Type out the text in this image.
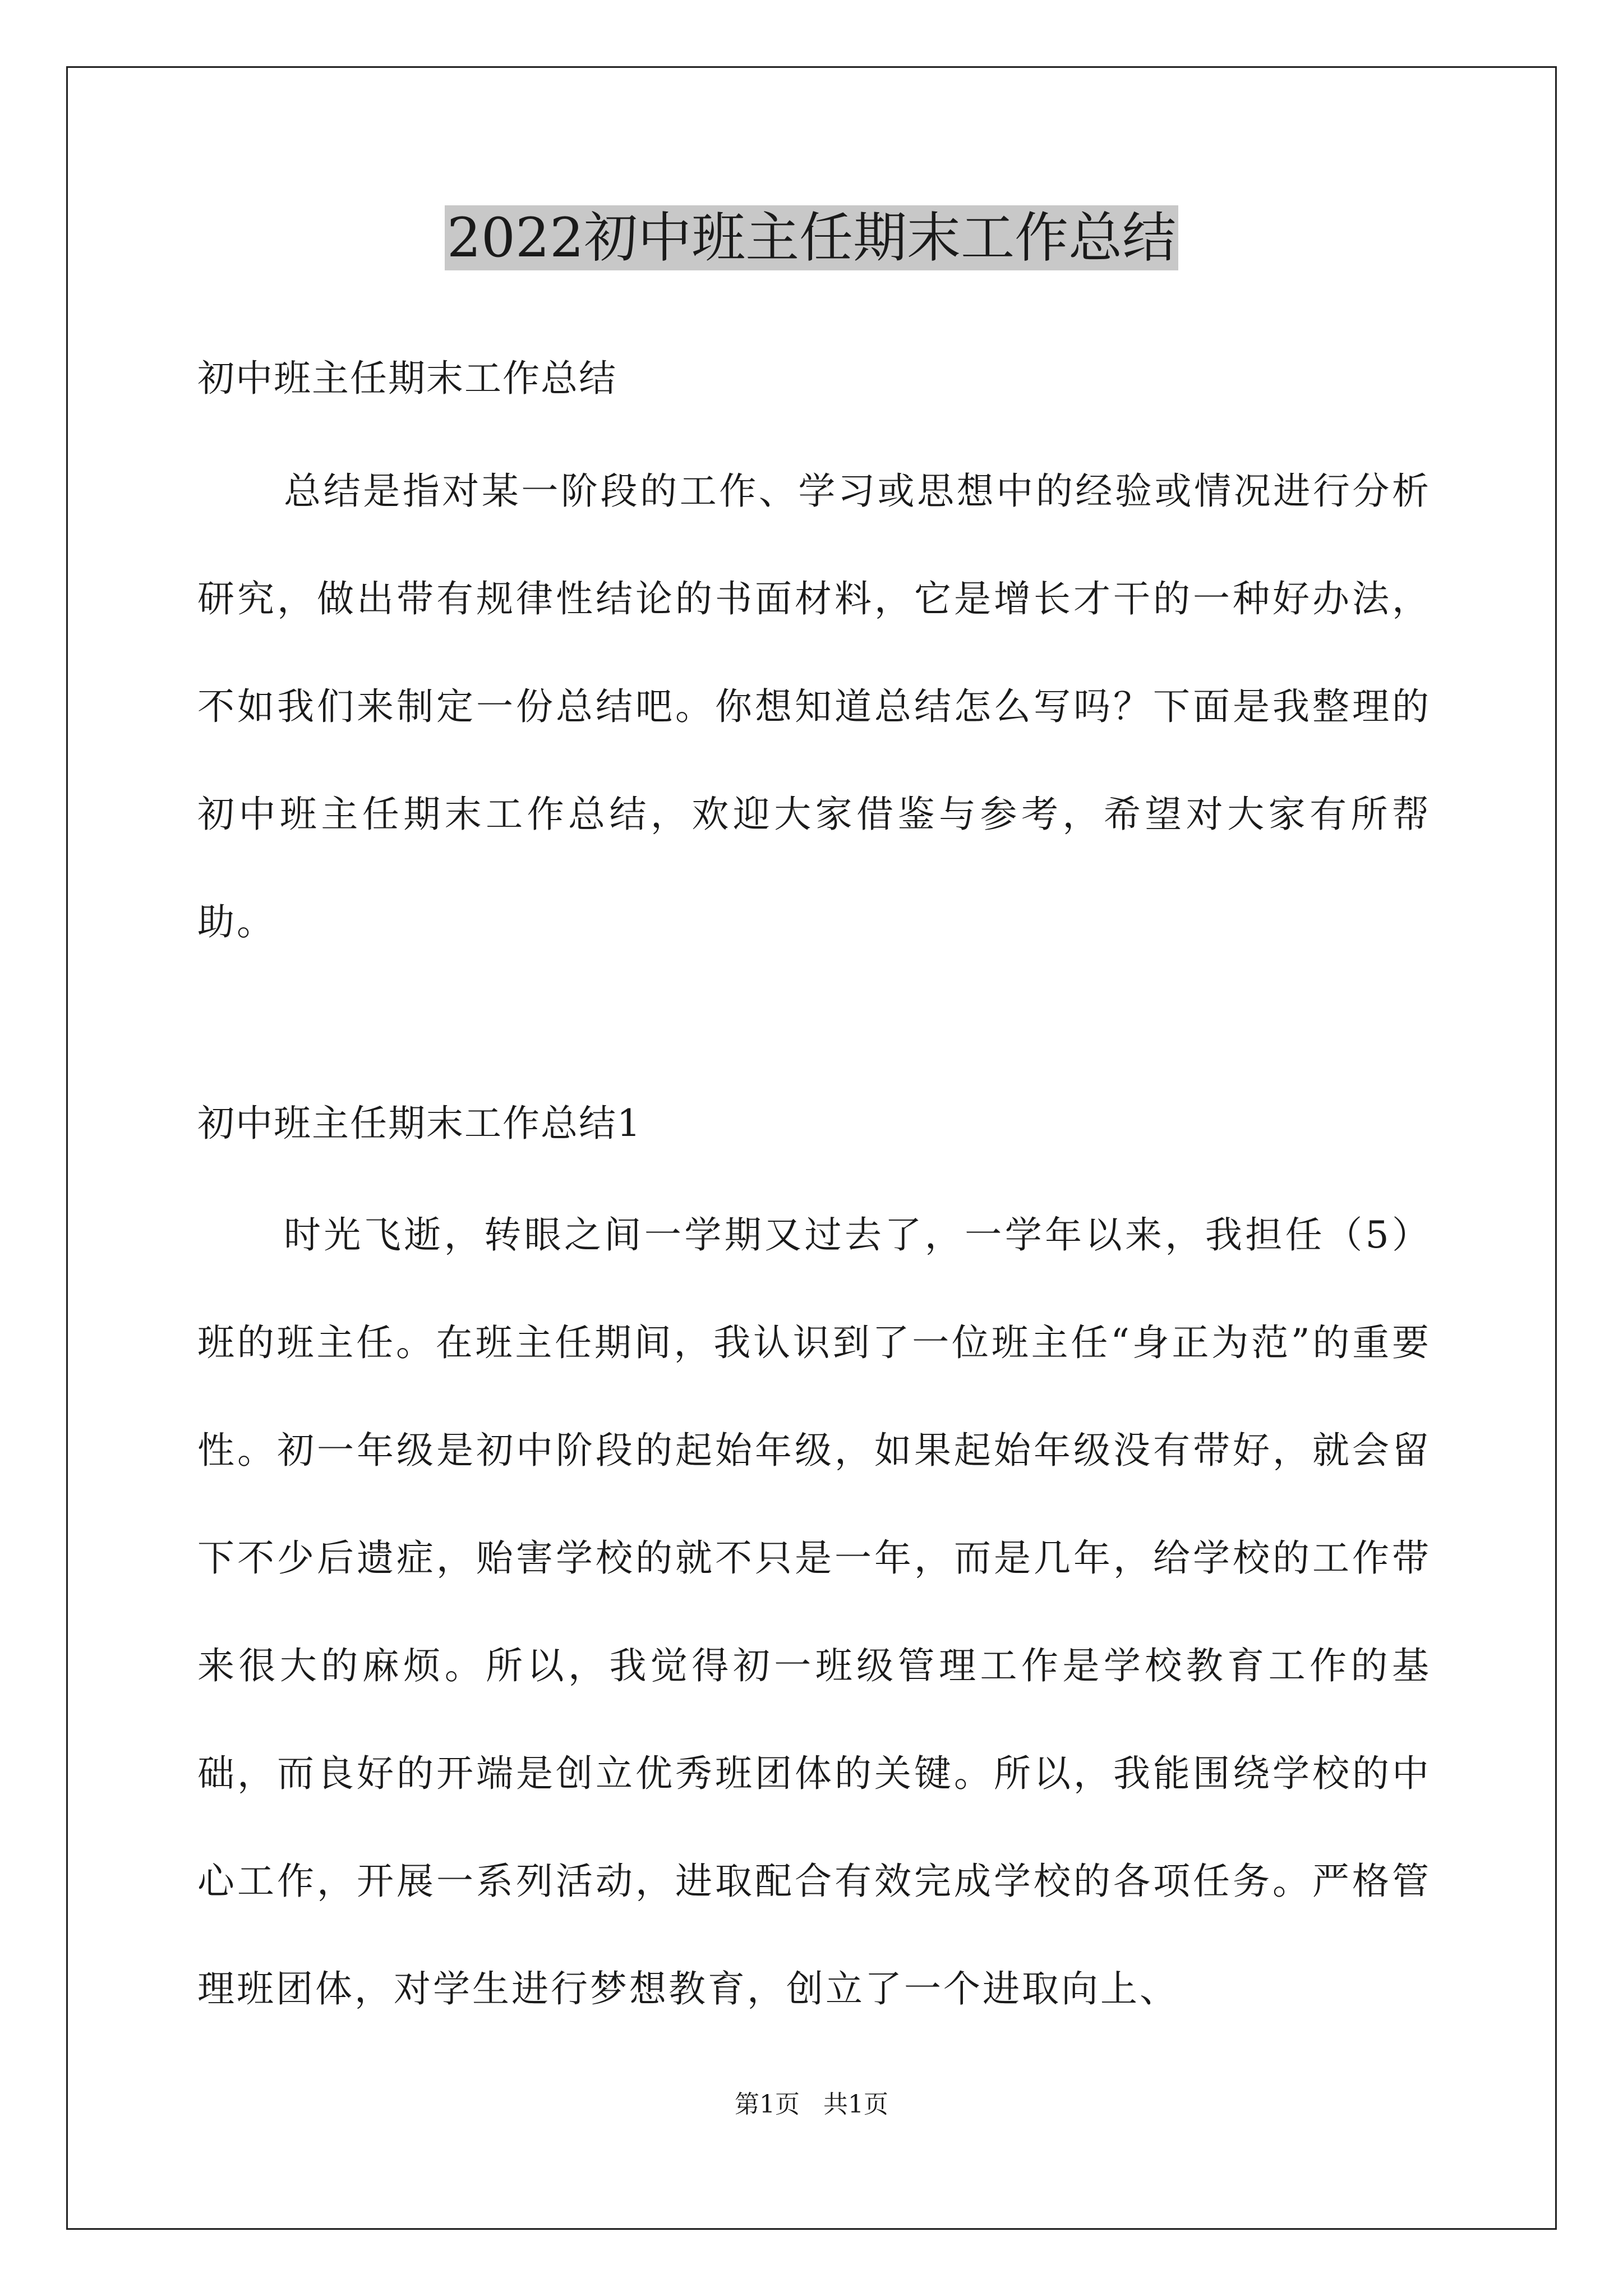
2022初中班主任期末工作总结

初中班主任期末工作总结

总结是指对某一阶段的工作、学习或思想中的经验或情况进行分析研究，做出带有规律性结论的书面材料，它是增长才干的一种好办法，不如我们来制定一份总结吧。你想知道总结怎么写吗？下面是我整理的初中班主任期末工作总结，欢迎大家借鉴与参考，希望对大家有所帮助。

初中班主任期末工作总结1

时光飞逝，转眼之间一学期又过去了，一学年以来，我担任（5）班的班主任。在班主任期间，我认识到了一位班主任“身正为范”的重要性。初一年级是初中阶段的起始年级，如果起始年级没有带好，就会留下不少后遗症，贻害学校的就不只是一年，而是几年，给学校的工作带来很大的麻烦。所以，我觉得初一班级管理工作是学校教育工作的基础，而良好的开端是创立优秀班团体的关键。所以，我能围绕学校的中心工作，开展一系列活动，进取配合有效完成学校的各项任务。严格管理班团体，对学生进行梦想教育，创立了一个进取向上、

第1页   共1页
